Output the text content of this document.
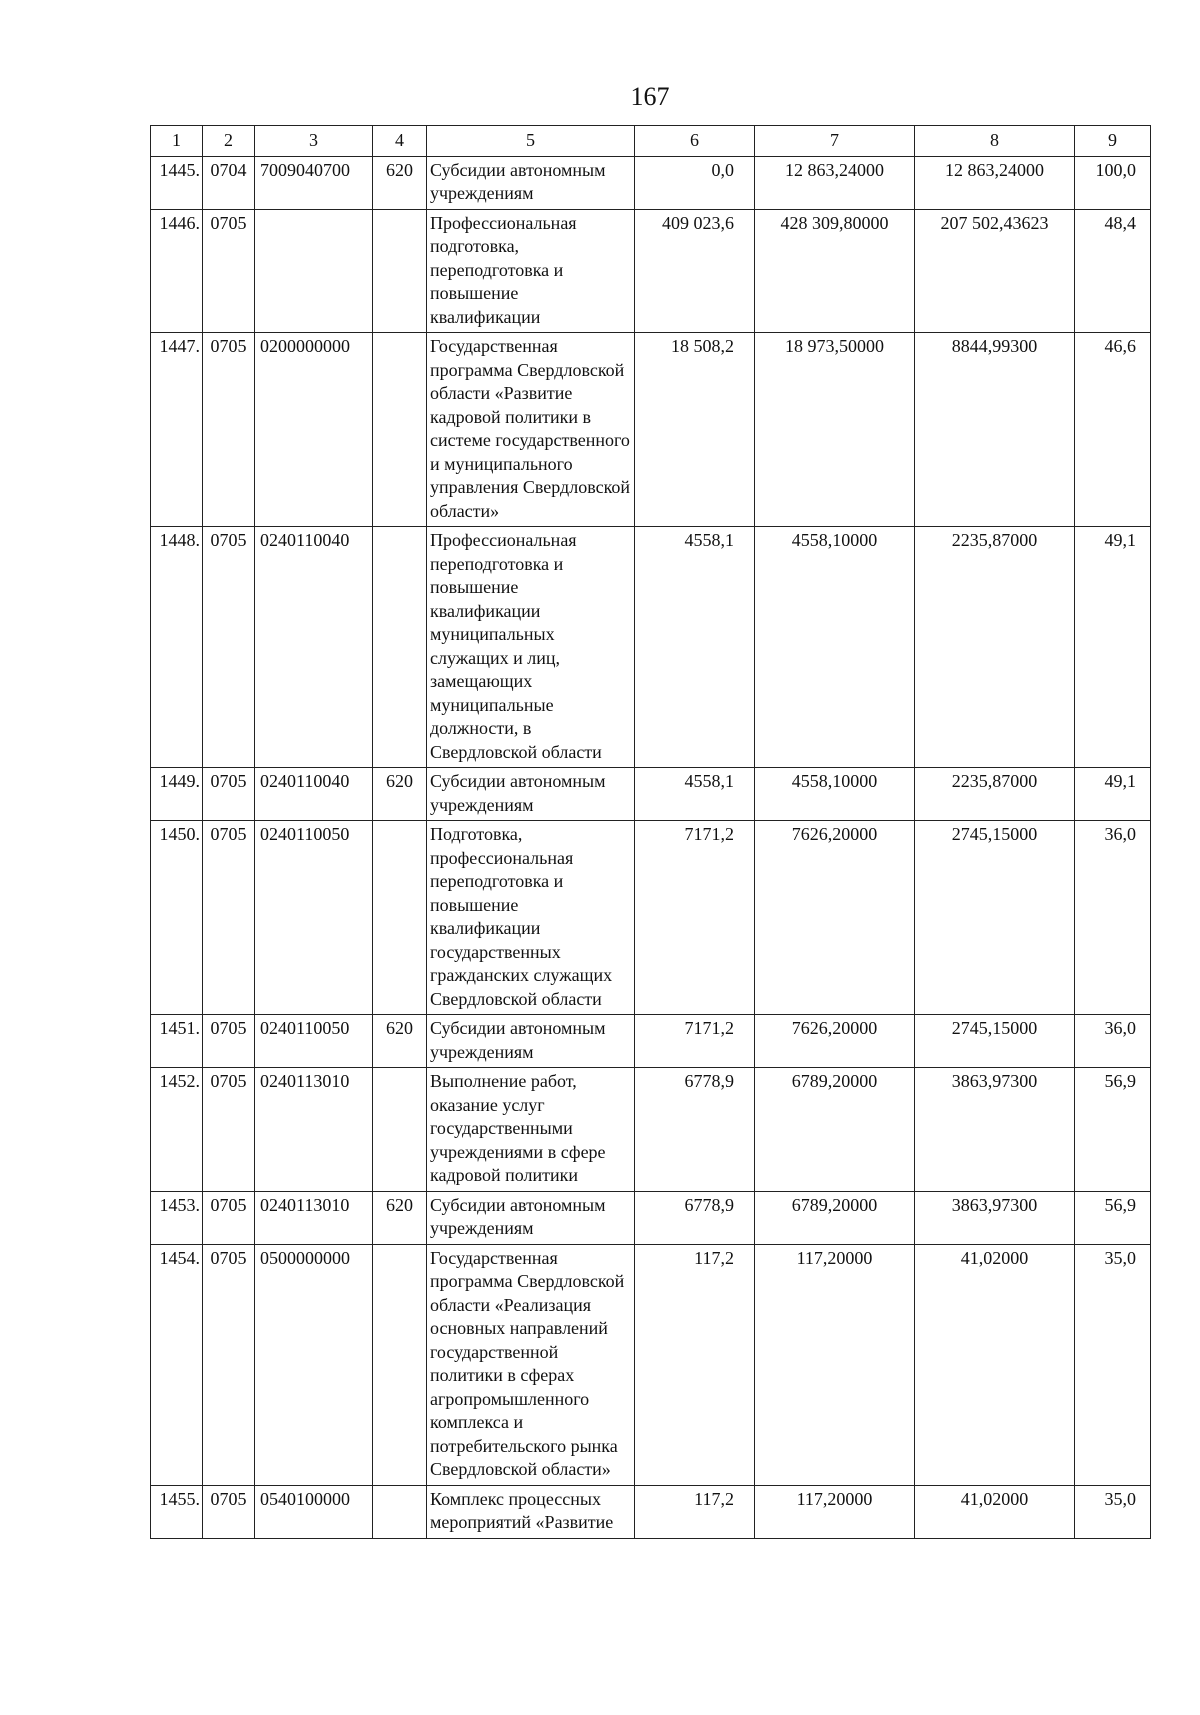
167
1	2	3	4	5	6	7	8	9
1445.	0704	7009040700	620	Субсидии автономным учреждениям	0,0	12 863,24000	12 863,24000	100,0
1446.	0705			Профессиональная подготовка, переподготовка и повышение квалификации	409 023,6	428 309,80000	207 502,43623	48,4
1447.	0705	0200000000		Государственная программа Свердловской области «Развитие кадровой политики в системе государственного и муниципального управления Свердловской области»	18 508,2	18 973,50000	8844,99300	46,6
1448.	0705	0240110040		Профессиональная переподготовка и повышение квалификации муниципальных служащих и лиц, замещающих муниципальные должности, в Свердловской области	4558,1	4558,10000	2235,87000	49,1
1449.	0705	0240110040	620	Субсидии автономным учреждениям	4558,1	4558,10000	2235,87000	49,1
1450.	0705	0240110050		Подготовка, профессиональная переподготовка и повышение квалификации государственных гражданских служащих Свердловской области	7171,2	7626,20000	2745,15000	36,0
1451.	0705	0240110050	620	Субсидии автономным учреждениям	7171,2	7626,20000	2745,15000	36,0
1452.	0705	0240113010		Выполнение работ, оказание услуг государственными учреждениями в сфере кадровой политики	6778,9	6789,20000	3863,97300	56,9
1453.	0705	0240113010	620	Субсидии автономным учреждениям	6778,9	6789,20000	3863,97300	56,9
1454.	0705	0500000000		Государственная программа Свердловской области «Реализация основных направлений государственной политики в сферах агропромышленного комплекса и потребительского рынка Свердловской области»	117,2	117,20000	41,02000	35,0
1455.	0705	0540100000		Комплекс процессных мероприятий «Развитие	117,2	117,20000	41,02000	35,0
